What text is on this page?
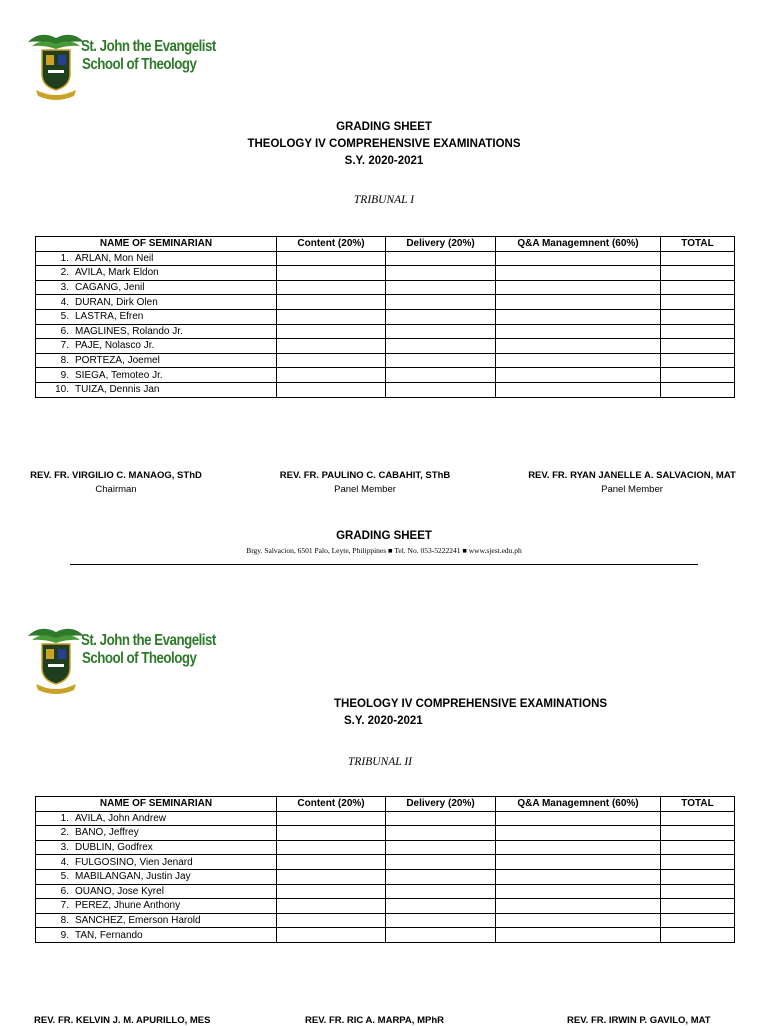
St. John the Evangelist
School of Theology
GRADING SHEET
THEOLOGY IV COMPREHENSIVE EXAMINATIONS
S.Y. 2020-2021
TRIBUNAL I
NAME OF SEMINARIAN	Content (20%)	Delivery (20%)	Q&A Managemnent (60%)	TOTAL
1. ARLAN, Mon Neil				
2. AVILA, Mark Eldon				
3. CAGANG, Jenil				
4. DURAN, Dirk Olen				
5. LASTRA, Efren				
6. MAGLINES, Rolando Jr.				
7. PAJE, Nolasco Jr.				
8. PORTEZA, Joemel				
9. SIEGA, Temoteo Jr.				
10. TUIZA, Dennis Jan				
REV. FR. VIRGILIO C. MANAOG, SThD
Chairman
REV. FR. PAULINO C. CABAHIT, SThB
Panel Member
REV. FR. RYAN JANELLE A. SALVACION, MAT
Panel Member
GRADING SHEET
Brgy. Salvacion, 6501 Palo, Leyte, Philippines ■ Tel. No. 053-5222241 ■ www.sjest.edu.ph
St. John the Evangelist
School of Theology
THEOLOGY IV COMPREHENSIVE EXAMINATIONS
S.Y. 2020-2021
TRIBUNAL II
NAME OF SEMINARIAN	Content (20%)	Delivery (20%)	Q&A Managemnent (60%)	TOTAL
1. AVILA, John Andrew				
2. BANO, Jeffrey				
3. DUBLIN, Godfrex				
4. FULGOSINO, Vien Jenard				
5. MABILANGAN, Justin Jay				
6. OUANO, Jose Kyrel				
7. PEREZ, Jhune Anthony				
8. SANCHEZ, Emerson Harold				
9. TAN, Fernando				
REV. FR. KELVIN J. M. APURILLO, MES	REV. FR. RIC A. MARPA, MPhR	REV. FR. IRWIN P. GAVILO, MAT
